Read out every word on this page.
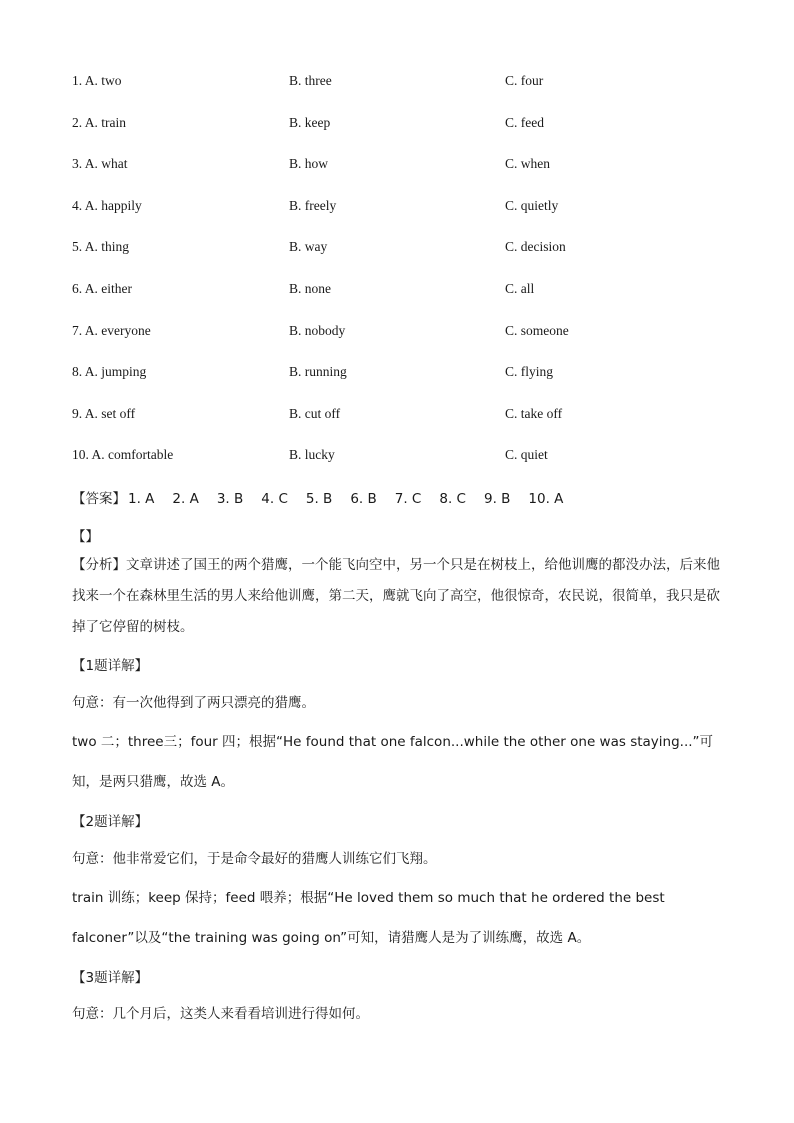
1. A. two	B. three	C. four
2. A. train	B. keep	C. feed
3. A. what	B. how	C. when
4. A. happily	B. freely	C. quietly
5. A. thing	B. way	C. decision
6. A. either	B. none	C. all
7. A. everyone	B. nobody	C. someone
8. A. jumping	B. running	C. flying
9. A. set off	B. cut off	C. take off
10. A. comfortable	B. lucky	C. quiet
【答案】 1. A 2. A 3. B 4. C 5. B 6. B 7. C 8. C 9. B 10. A
【】
【分析】文章讲述了国王的两个猎鹰，一个能飞向空中，另一个只是在树枝上，给他训鹰的都没办法，后来他找来一个在森林里生活的男人来给他训鹰，第二天，鹰就飞向了高空，他很惊奇，农民说，很简单，我只是砍掉了它停留的树枝。
【1题详解】
句意：有一次他得到了两只漂亮的猎鹰。
two 二；three三；four 四；根据“He found that one falcon...while the other one was staying...”可知，是两只猎鹰，故选 A。
【2题详解】
句意：他非常爱它们，于是命令最好的猎鹰人训练它们飞翔。
train 训练；keep 保持；feed 喂养；根据“He loved them so much that he ordered the best falconer”以及“the training was going on”可知，请猎鹰人是为了训练鹰，故选 A。
【3题详解】
句意：几个月后，这类人来看看培训进行得如何。
